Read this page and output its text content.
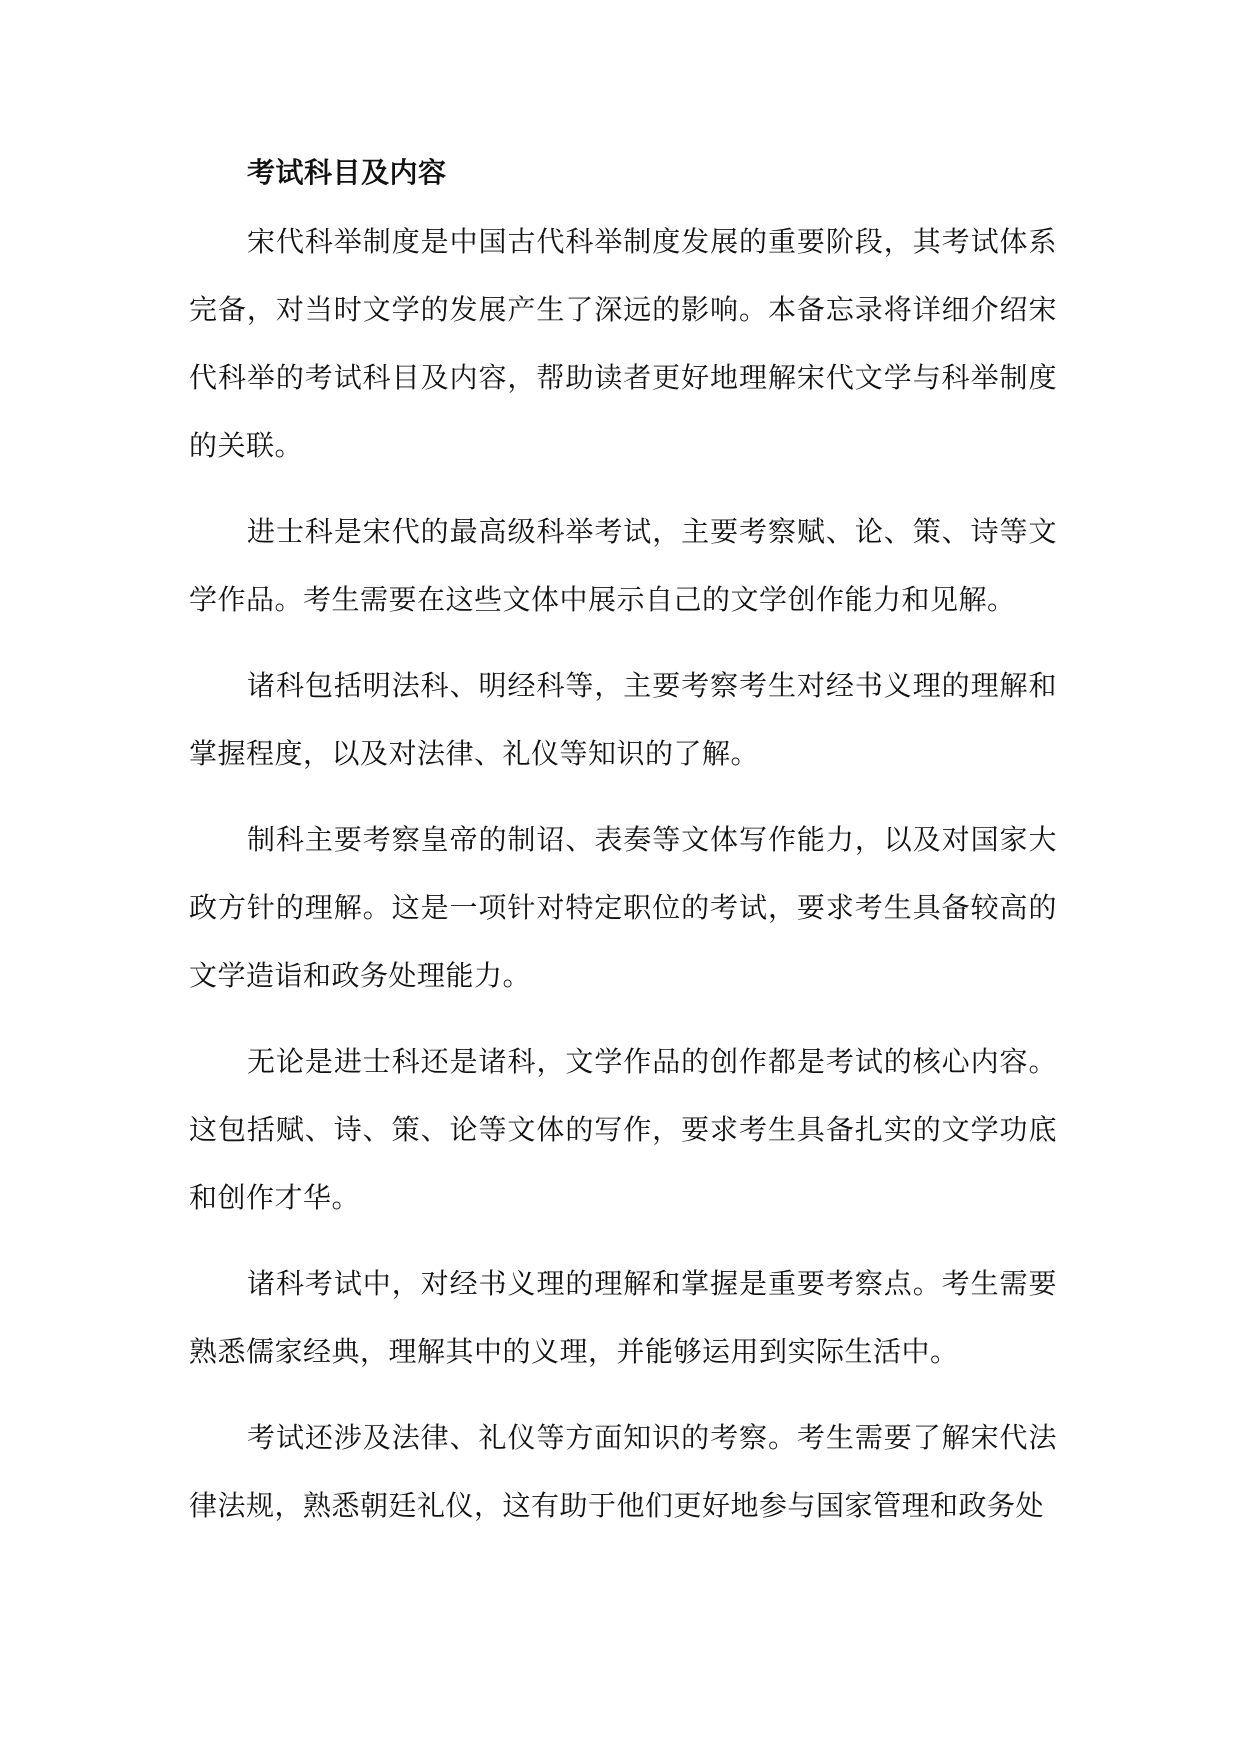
考试科目及内容

宋代科举制度是中国古代科举制度发展的重要阶段，其考试体系完备，对当时文学的发展产生了深远的影响。本备忘录将详细介绍宋代科举的考试科目及内容，帮助读者更好地理解宋代文学与科举制度的关联。

进士科是宋代的最高级科举考试，主要考察赋、论、策、诗等文学作品。考生需要在这些文体中展示自己的文学创作能力和见解。

诸科包括明法科、明经科等，主要考察考生对经书义理的理解和掌握程度，以及对法律、礼仪等知识的了解。

制科主要考察皇帝的制诏、表奏等文体写作能力，以及对国家大政方针的理解。这是一项针对特定职位的考试，要求考生具备较高的文学造诣和政务处理能力。

无论是进士科还是诸科，文学作品的创作都是考试的核心内容。这包括赋、诗、策、论等文体的写作，要求考生具备扎实的文学功底和创作才华。

诸科考试中，对经书义理的理解和掌握是重要考察点。考生需要熟悉儒家经典，理解其中的义理，并能够运用到实际生活中。

考试还涉及法律、礼仪等方面知识的考察。考生需要了解宋代法律法规，熟悉朝廷礼仪，这有助于他们更好地参与国家管理和政务处
